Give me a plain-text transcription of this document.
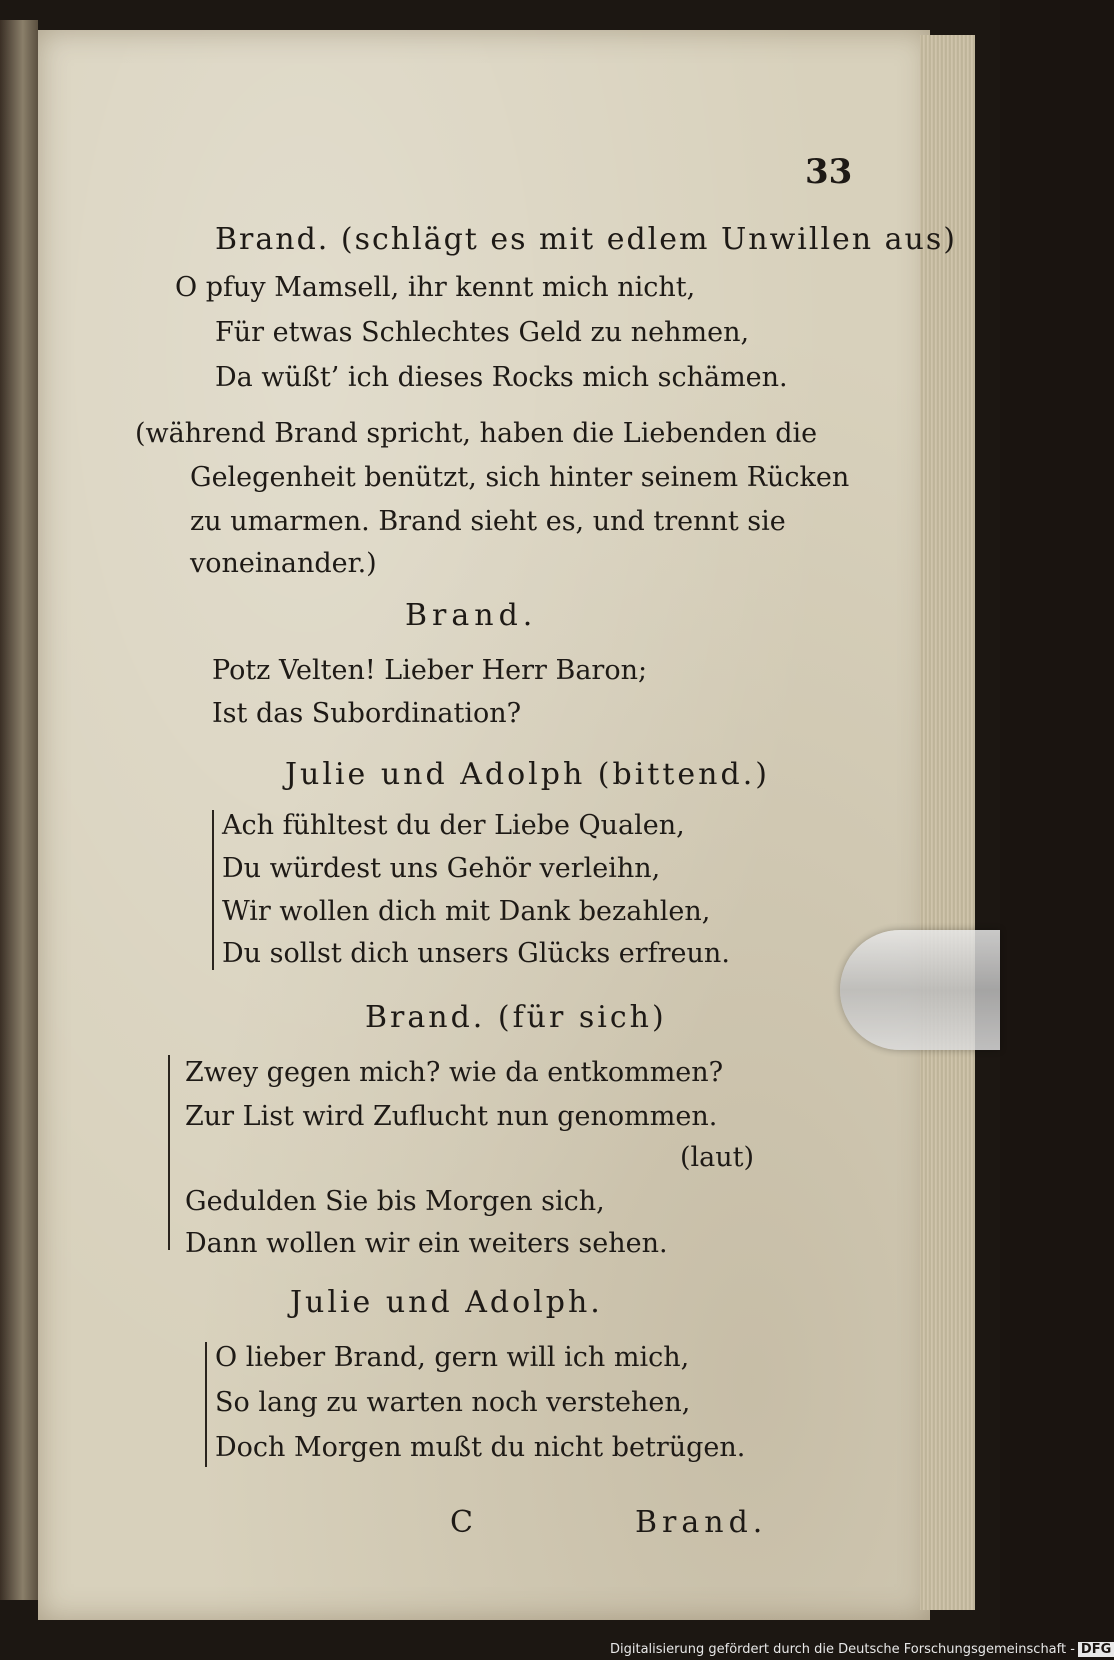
33
Brand. (schlägt es mit edlem Unwillen aus)
O pfuy Mamsell, ihr kennt mich nicht,
Für etwas Schlechtes Geld zu nehmen,
Da wüßt’ ich dieses Rocks mich schämen.
(während Brand spricht, haben die Liebenden die
Gelegenheit benützt, sich hinter seinem Rücken
zu umarmen. Brand sieht es, und trennt sie
voneinander.)
Brand.
Potz Velten! Lieber Herr Baron;
Ist das Subordination?
Julie und Adolph (bittend.)
Ach fühltest du der Liebe Qualen,
Du würdest uns Gehör verleihn,
Wir wollen dich mit Dank bezahlen,
Du sollst dich unsers Glücks erfreun.
Brand. (für sich)
Zwey gegen mich? wie da entkommen?
Zur List wird Zuflucht nun genommen.
(laut)
Gedulden Sie bis Morgen sich,
Dann wollen wir ein weiters sehen.
Julie und Adolph.
O lieber Brand, gern will ich mich,
So lang zu warten noch verstehen,
Doch Morgen mußt du nicht betrügen.
C	Brand.
Digitalisierung gefördert durch die Deutsche Forschungsgemeinschaft - DFG
